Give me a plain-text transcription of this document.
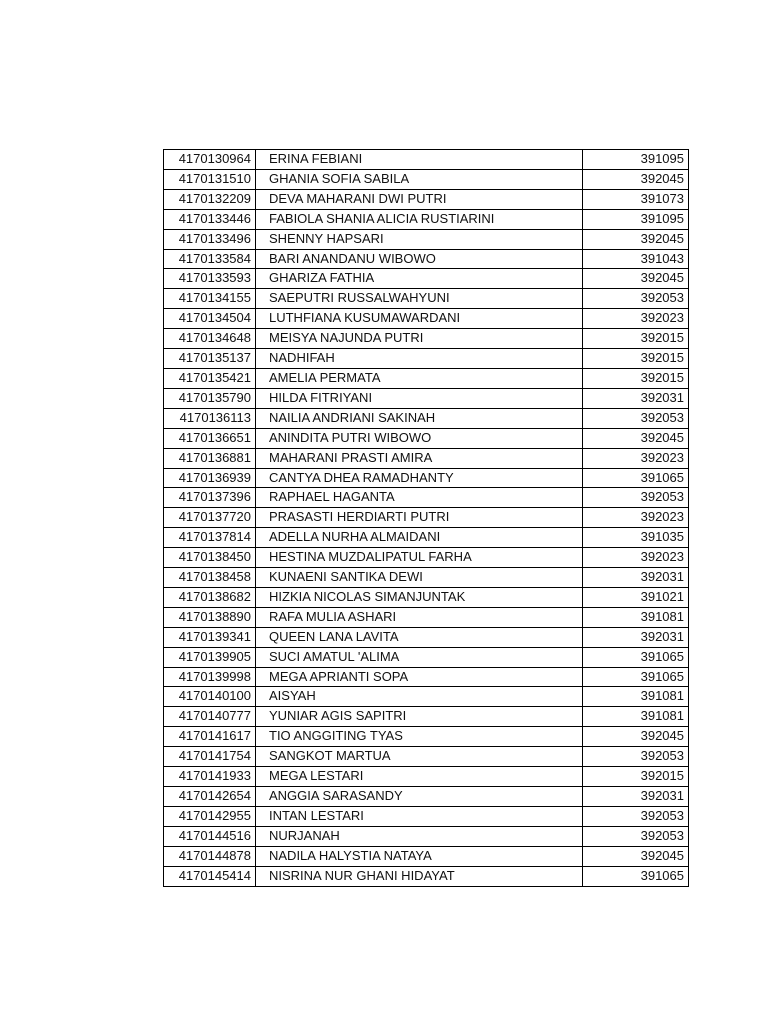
4170130964	ERINA FEBIANI	391095
4170131510	GHANIA SOFIA SABILA	392045
4170132209	DEVA MAHARANI DWI PUTRI	391073
4170133446	FABIOLA SHANIA ALICIA RUSTIARINI	391095
4170133496	SHENNY HAPSARI	392045
4170133584	BARI ANANDANU WIBOWO	391043
4170133593	GHARIZA FATHIA	392045
4170134155	SAEPUTRI RUSSALWAHYUNI	392053
4170134504	LUTHFIANA KUSUMAWARDANI	392023
4170134648	MEISYA NAJUNDA PUTRI	392015
4170135137	NADHIFAH	392015
4170135421	AMELIA PERMATA	392015
4170135790	HILDA FITRIYANI	392031
4170136113	NAILIA ANDRIANI SAKINAH	392053
4170136651	ANINDITA PUTRI WIBOWO	392045
4170136881	MAHARANI PRASTI AMIRA	392023
4170136939	CANTYA DHEA RAMADHANTY	391065
4170137396	RAPHAEL HAGANTA	392053
4170137720	PRASASTI HERDIARTI PUTRI	392023
4170137814	ADELLA NURHA ALMAIDANI	391035
4170138450	HESTINA MUZDALIPATUL FARHA	392023
4170138458	KUNAENI SANTIKA DEWI	392031
4170138682	HIZKIA NICOLAS SIMANJUNTAK	391021
4170138890	RAFA MULIA ASHARI	391081
4170139341	QUEEN LANA LAVITA	392031
4170139905	SUCI AMATUL 'ALIMA	391065
4170139998	MEGA APRIANTI SOPA	391065
4170140100	AISYAH	391081
4170140777	YUNIAR AGIS SAPITRI	391081
4170141617	TIO ANGGITING TYAS	392045
4170141754	SANGKOT MARTUA	392053
4170141933	MEGA LESTARI	392015
4170142654	ANGGIA SARASANDY	392031
4170142955	INTAN LESTARI	392053
4170144516	NURJANAH	392053
4170144878	NADILA HALYSTIA NATAYA	392045
4170145414	NISRINA NUR GHANI HIDAYAT	391065
